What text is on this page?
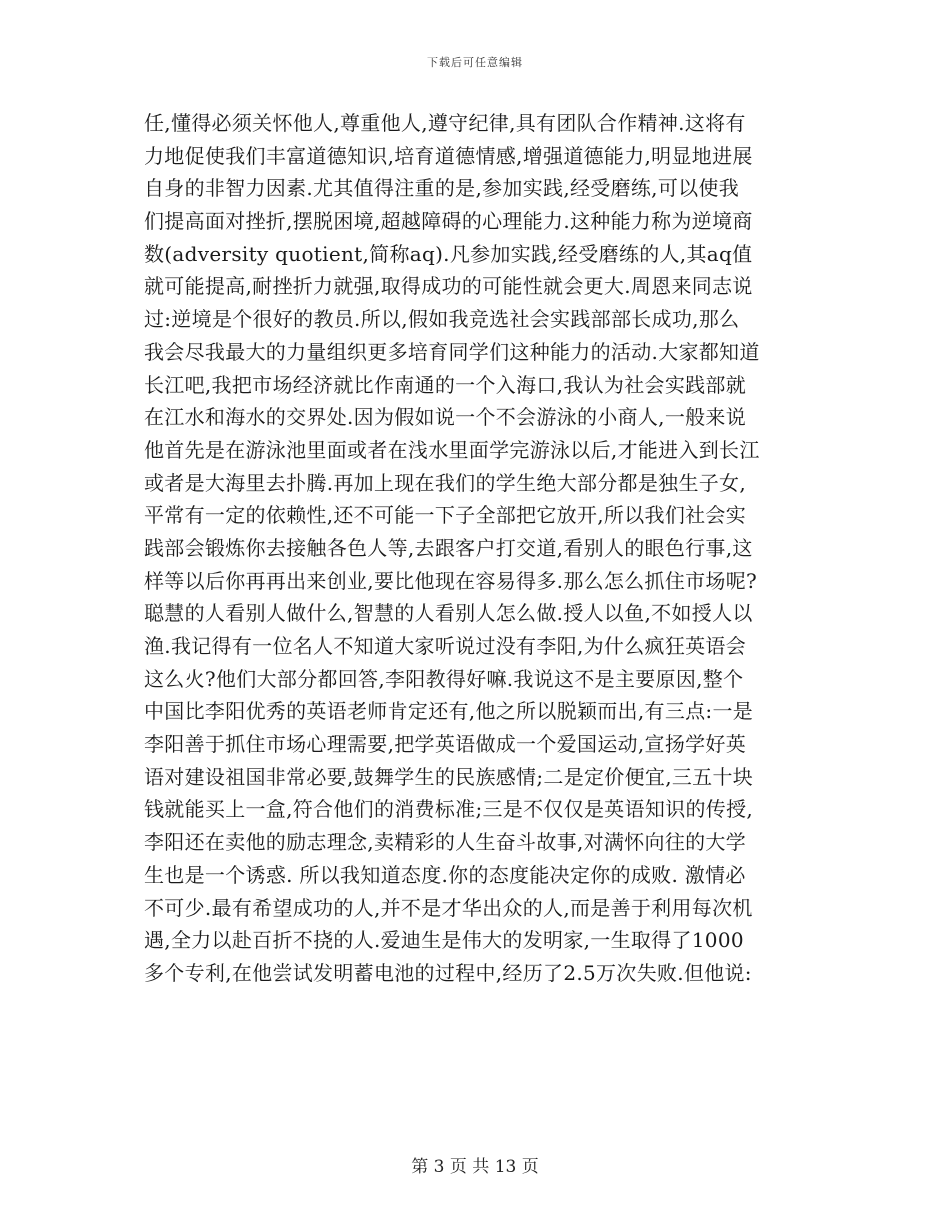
下载后可任意编辑
任,懂得必须关怀他人,尊重他人,遵守纪律,具有团队合作精神.这将有
力地促使我们丰富道德知识,培育道德情感,增强道德能力,明显地进展
自身的非智力因素.尤其值得注重的是,参加实践,经受磨练,可以使我
们提高面对挫折,摆脱困境,超越障碍的心理能力.这种能力称为逆境商
数(adversity quotient,简称aq).凡参加实践,经受磨练的人,其aq值
就可能提高,耐挫折力就强,取得成功的可能性就会更大.周恩来同志说
过:逆境是个很好的教员.所以,假如我竞选社会实践部部长成功,那么
我会尽我最大的力量组织更多培育同学们这种能力的活动.大家都知道
长江吧,我把市场经济就比作南通的一个入海口,我认为社会实践部就
在江水和海水的交界处.因为假如说一个不会游泳的小商人,一般来说
他首先是在游泳池里面或者在浅水里面学完游泳以后,才能进入到长江
或者是大海里去扑腾.再加上现在我们的学生绝大部分都是独生子女,
平常有一定的依赖性,还不可能一下子全部把它放开,所以我们社会实
践部会锻炼你去接触各色人等,去跟客户打交道,看别人的眼色行事,这
样等以后你再再出来创业,要比他现在容易得多.那么怎么抓住市场呢?
聪慧的人看别人做什么,智慧的人看别人怎么做.授人以鱼,不如授人以
渔.我记得有一位名人不知道大家听说过没有李阳,为什么疯狂英语会
这么火?他们大部分都回答,李阳教得好嘛.我说这不是主要原因,整个
中国比李阳优秀的英语老师肯定还有,他之所以脱颖而出,有三点:一是
李阳善于抓住市场心理需要,把学英语做成一个爱国运动,宣扬学好英
语对建设祖国非常必要,鼓舞学生的民族感情;二是定价便宜,三五十块
钱就能买上一盒,符合他们的消费标准;三是不仅仅是英语知识的传授,
李阳还在卖他的励志理念,卖精彩的人生奋斗故事,对满怀向往的大学
生也是一个诱惑. 所以我知道态度.你的态度能决定你的成败. 激情必
不可少.最有希望成功的人,并不是才华出众的人,而是善于利用每次机
遇,全力以赴百折不挠的人.爱迪生是伟大的发明家,一生取得了1000
多个专利,在他尝试发明蓄电池的过程中,经历了2.5万次失败.但他说:
第 3 页 共 13 页
